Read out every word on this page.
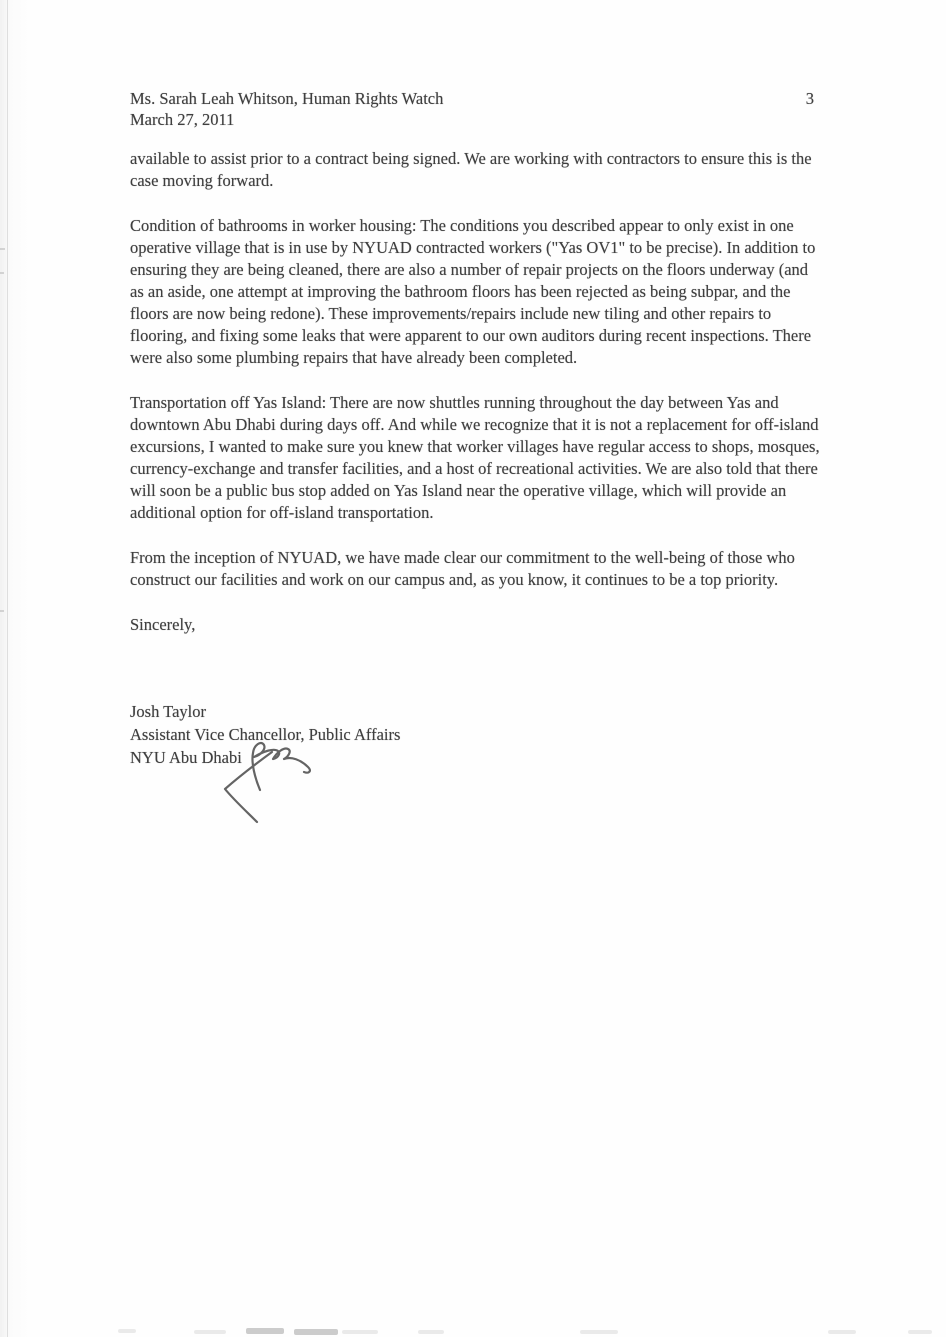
Ms. Sarah Leah Whitson, Human Rights Watch
March 27, 2011
3

available to assist prior to a contract being signed. We are working with contractors to ensure this is the case moving forward.

Condition of bathrooms in worker housing: The conditions you described appear to only exist in one operative village that is in use by NYUAD contracted workers ("Yas OV1" to be precise). In addition to ensuring they are being cleaned, there are also a number of repair projects on the floors underway (and as an aside, one attempt at improving the bathroom floors has been rejected as being subpar, and the floors are now being redone). These improvements/repairs include new tiling and other repairs to flooring, and fixing some leaks that were apparent to our own auditors during recent inspections. There were also some plumbing repairs that have already been completed.

Transportation off Yas Island: There are now shuttles running throughout the day between Yas and downtown Abu Dhabi during days off. And while we recognize that it is not a replacement for off-island excursions, I wanted to make sure you knew that worker villages have regular access to shops, mosques, currency-exchange and transfer facilities, and a host of recreational activities. We are also told that there will soon be a public bus stop added on Yas Island near the operative village, which will provide an additional option for off-island transportation.

From the inception of NYUAD, we have made clear our commitment to the well-being of those who construct our facilities and work on our campus and, as you know, it continues to be a top priority.

Sincerely,

Josh Taylor
Assistant Vice Chancellor, Public Affairs
NYU Abu Dhabi
